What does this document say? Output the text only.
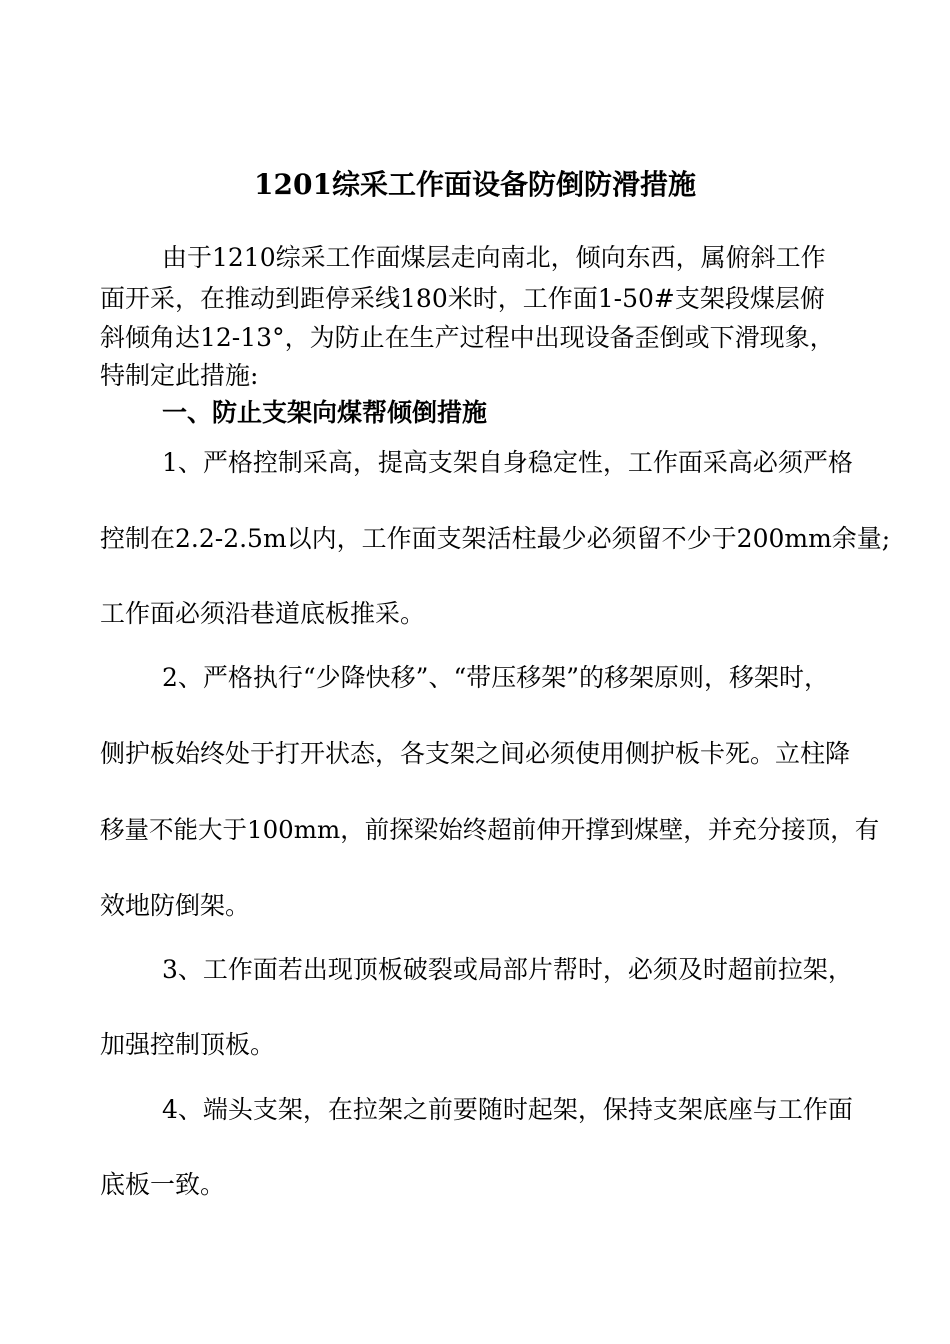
1201综采工作面设备防倒防滑措施
由于1210综采工作面煤层走向南北，倾向东西，属俯斜工作
面开采，在推动到距停采线180米时，工作面1-50#支架段煤层俯
斜倾角达12-13°，为防止在生产过程中出现设备歪倒或下滑现象，
特制定此措施:
一、防止支架向煤帮倾倒措施
1、严格控制采高，提高支架自身稳定性，工作面采高必须严格
控制在2.2-2.5m以内，工作面支架活柱最少必须留不少于200mm余量;
工作面必须沿巷道底板推采。
2、严格执行“少降快移”、“带压移架”的移架原则，移架时，
侧护板始终处于打开状态，各支架之间必须使用侧护板卡死。立柱降
移量不能大于100mm，前探梁始终超前伸开撑到煤壁，并充分接顶，有
效地防倒架。
3、工作面若出现顶板破裂或局部片帮时，必须及时超前拉架，
加强控制顶板。
4、端头支架，在拉架之前要随时起架，保持支架底座与工作面
底板一致。
